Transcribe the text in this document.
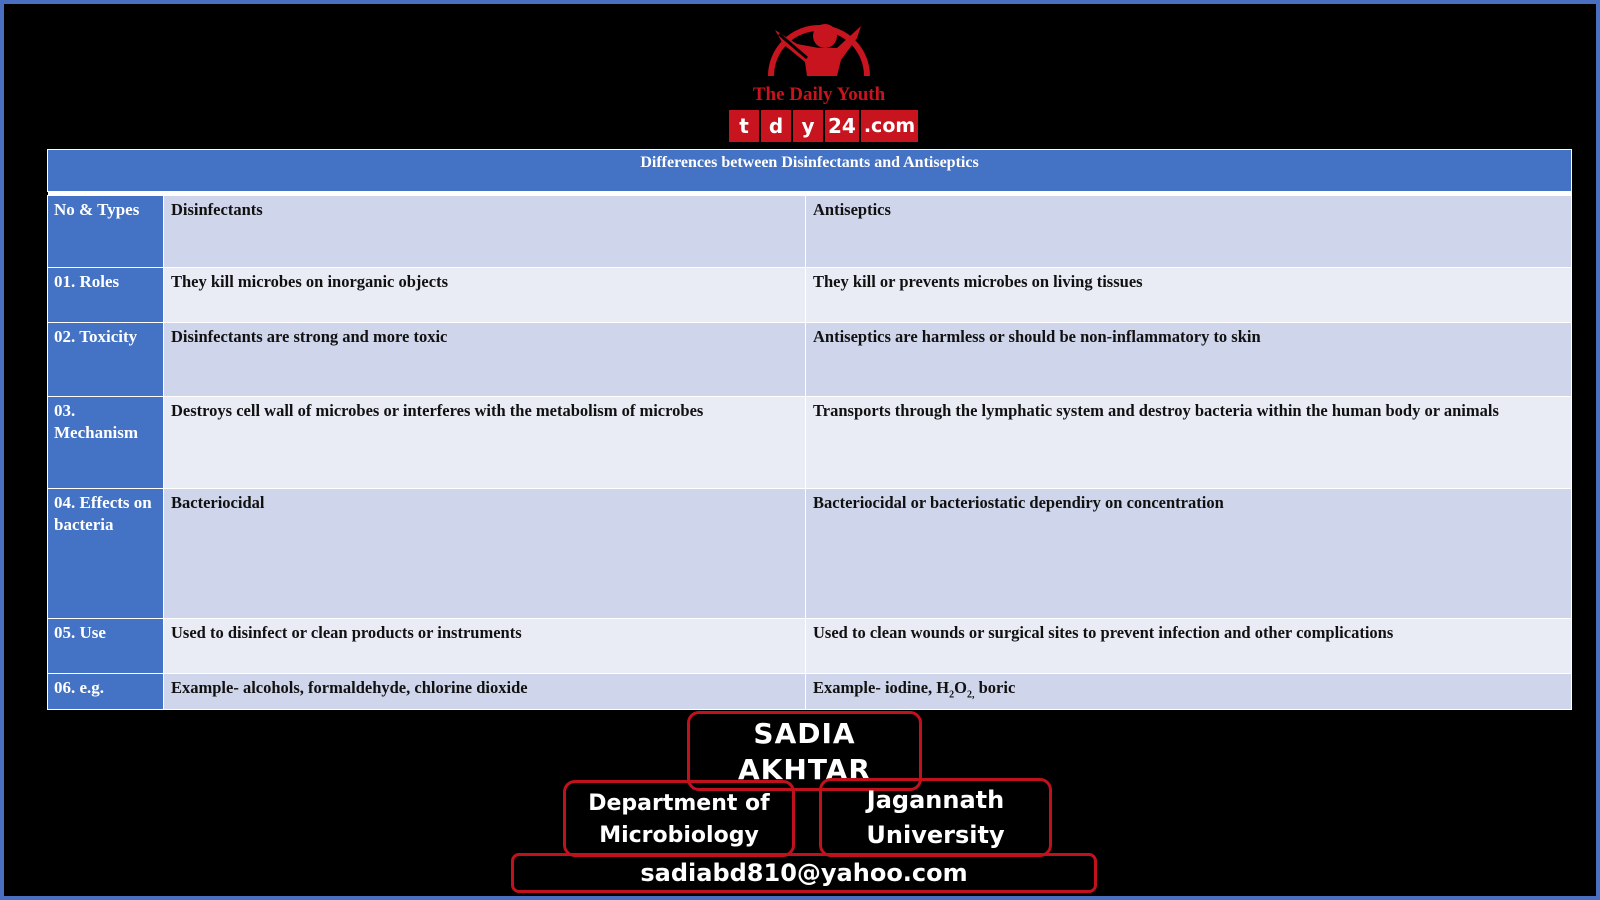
The Daily Youth
t	d y 24 .com
Differences between Disinfectants and Antiseptics		

No & Types	Disinfectants	Antiseptics
01. Roles	They kill microbes on inorganic objects	They kill or prevents microbes on living tissues
02. Toxicity	Disinfectants are strong and more toxic	Antiseptics are harmless or should be non-inflammatory to skin
03. Mechanism	Destroys cell wall of microbes or interferes with the metabolism of microbes	Transports through the lymphatic system and destroy bacteria within the human body or animals
04. Effects on bacteria	Bacteriocidal	Bacteriocidal or bacteriostatic dependiry on concentration
05. Use	Used to disinfect or clean products or instruments	Used to clean wounds or surgical sites to prevent infection and other complications
06. e.g.	Example- alcohols, formaldehyde, chlorine dioxide	Example- iodine, $H_2O_{2,}$ boric
SADIA AKHTAR
Department of Microbiology
Jagannath University
sadiabd810@yahoo.com
